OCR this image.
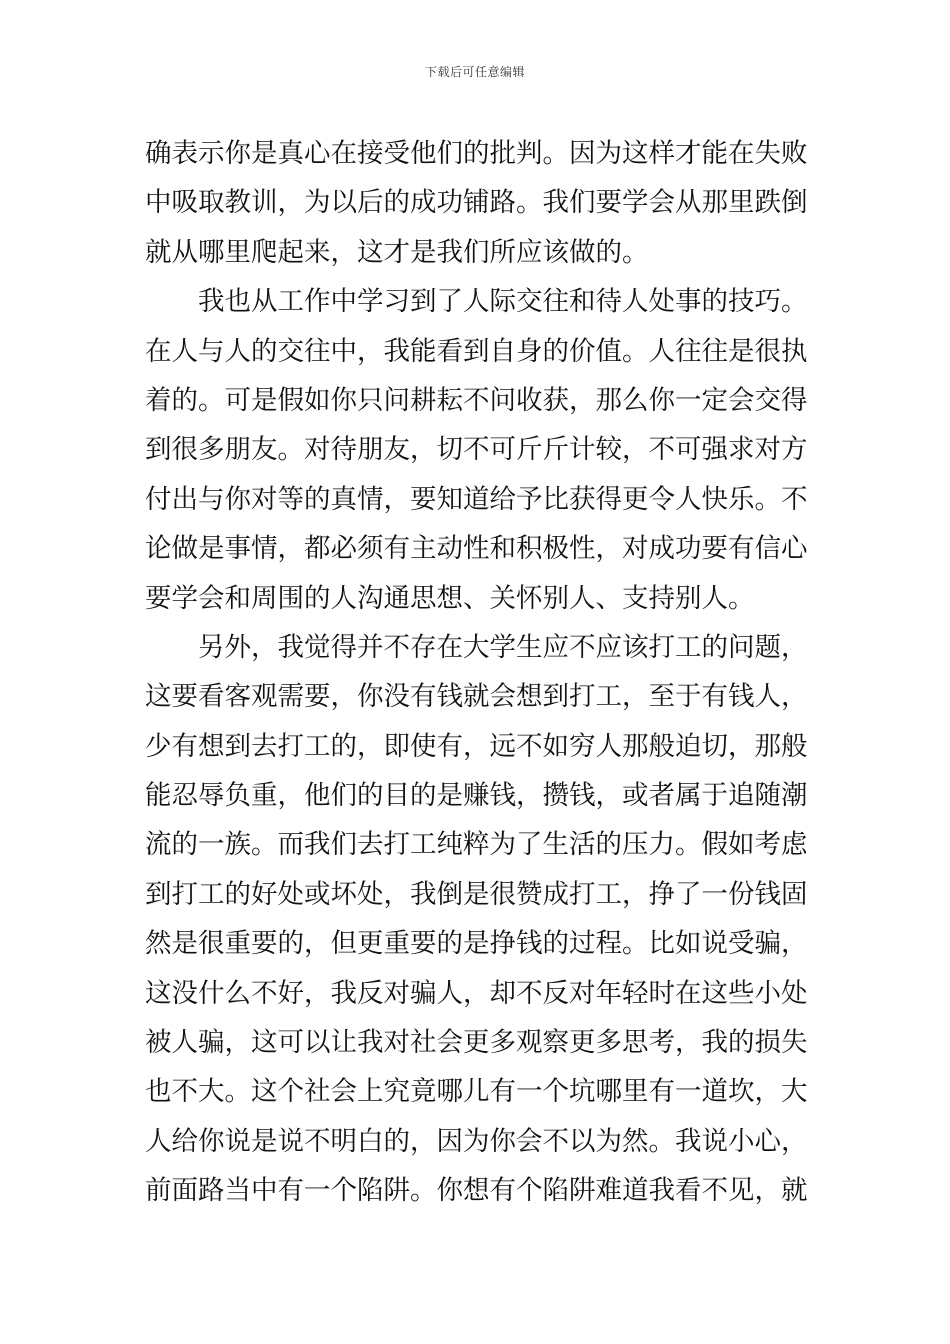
下载后可任意编辑
确表示你是真心在接受他们的批判。因为这样才能在失败
中吸取教训，为以后的成功铺路。我们要学会从那里跌倒
就从哪里爬起来，这才是我们所应该做的。
　　我也从工作中学习到了人际交往和待人处事的技巧。
在人与人的交往中，我能看到自身的价值。人往往是很执
着的。可是假如你只问耕耘不问收获，那么你一定会交得
到很多朋友。对待朋友，切不可斤斤计较，不可强求对方
付出与你对等的真情，要知道给予比获得更令人快乐。不
论做是事情，都必须有主动性和积极性，对成功要有信心
要学会和周围的人沟通思想、关怀别人、支持别人。
　　另外，我觉得并不存在大学生应不应该打工的问题，
这要看客观需要，你没有钱就会想到打工，至于有钱人，
少有想到去打工的，即使有，远不如穷人那般迫切，那般
能忍辱负重，他们的目的是赚钱，攒钱，或者属于追随潮
流的一族。而我们去打工纯粹为了生活的压力。假如考虑
到打工的好处或坏处，我倒是很赞成打工，挣了一份钱固
然是很重要的，但更重要的是挣钱的过程。比如说受骗，
这没什么不好，我反对骗人，却不反对年轻时在这些小处
被人骗，这可以让我对社会更多观察更多思考，我的损失
也不大。这个社会上究竟哪儿有一个坑哪里有一道坎，大
人给你说是说不明白的，因为你会不以为然。我说小心，
前面路当中有一个陷阱。你想有个陷阱难道我看不见，就
